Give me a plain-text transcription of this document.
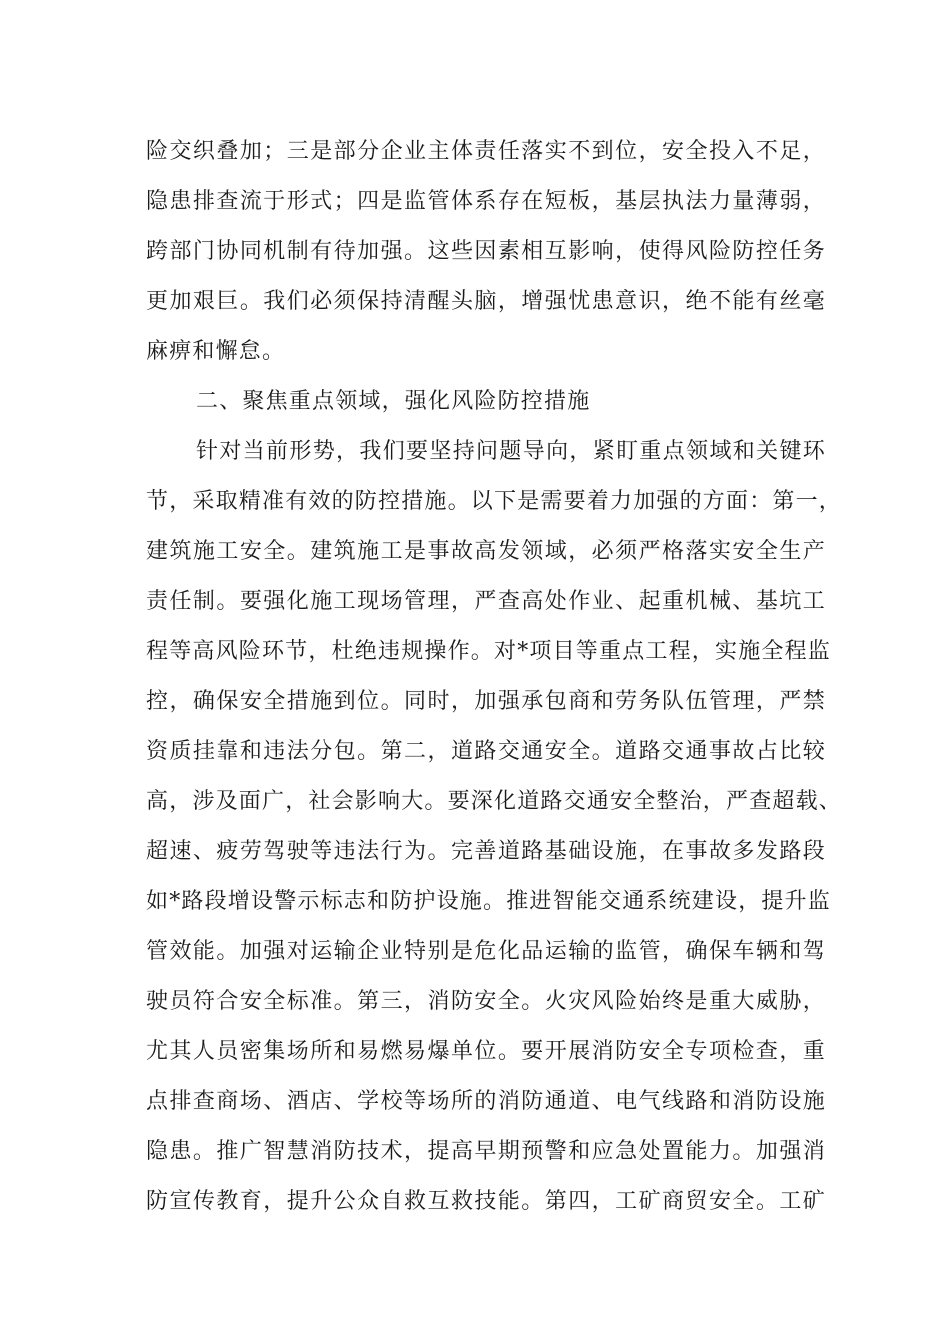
险交织叠加；三是部分企业主体责任落实不到位，安全投入不足，
隐患排查流于形式；四是监管体系存在短板，基层执法力量薄弱，
跨部门协同机制有待加强。这些因素相互影响，使得风险防控任务
更加艰巨。我们必须保持清醒头脑，增强忧患意识，绝不能有丝毫
麻痹和懈怠。
二、聚焦重点领域，强化风险防控措施
针对当前形势，我们要坚持问题导向，紧盯重点领域和关键环
节，采取精准有效的防控措施。以下是需要着力加强的方面：第一，
建筑施工安全。建筑施工是事故高发领域，必须严格落实安全生产
责任制。要强化施工现场管理，严查高处作业、起重机械、基坑工
程等高风险环节，杜绝违规操作。对*项目等重点工程，实施全程监
控，确保安全措施到位。同时，加强承包商和劳务队伍管理，严禁
资质挂靠和违法分包。第二，道路交通安全。道路交通事故占比较
高，涉及面广，社会影响大。要深化道路交通安全整治，严查超载、
超速、疲劳驾驶等违法行为。完善道路基础设施，在事故多发路段
如*路段增设警示标志和防护设施。推进智能交通系统建设，提升监
管效能。加强对运输企业特别是危化品运输的监管，确保车辆和驾
驶员符合安全标准。第三，消防安全。火灾风险始终是重大威胁，
尤其人员密集场所和易燃易爆单位。要开展消防安全专项检查，重
点排查商场、酒店、学校等场所的消防通道、电气线路和消防设施
隐患。推广智慧消防技术，提高早期预警和应急处置能力。加强消
防宣传教育，提升公众自救互救技能。第四，工矿商贸安全。工矿
